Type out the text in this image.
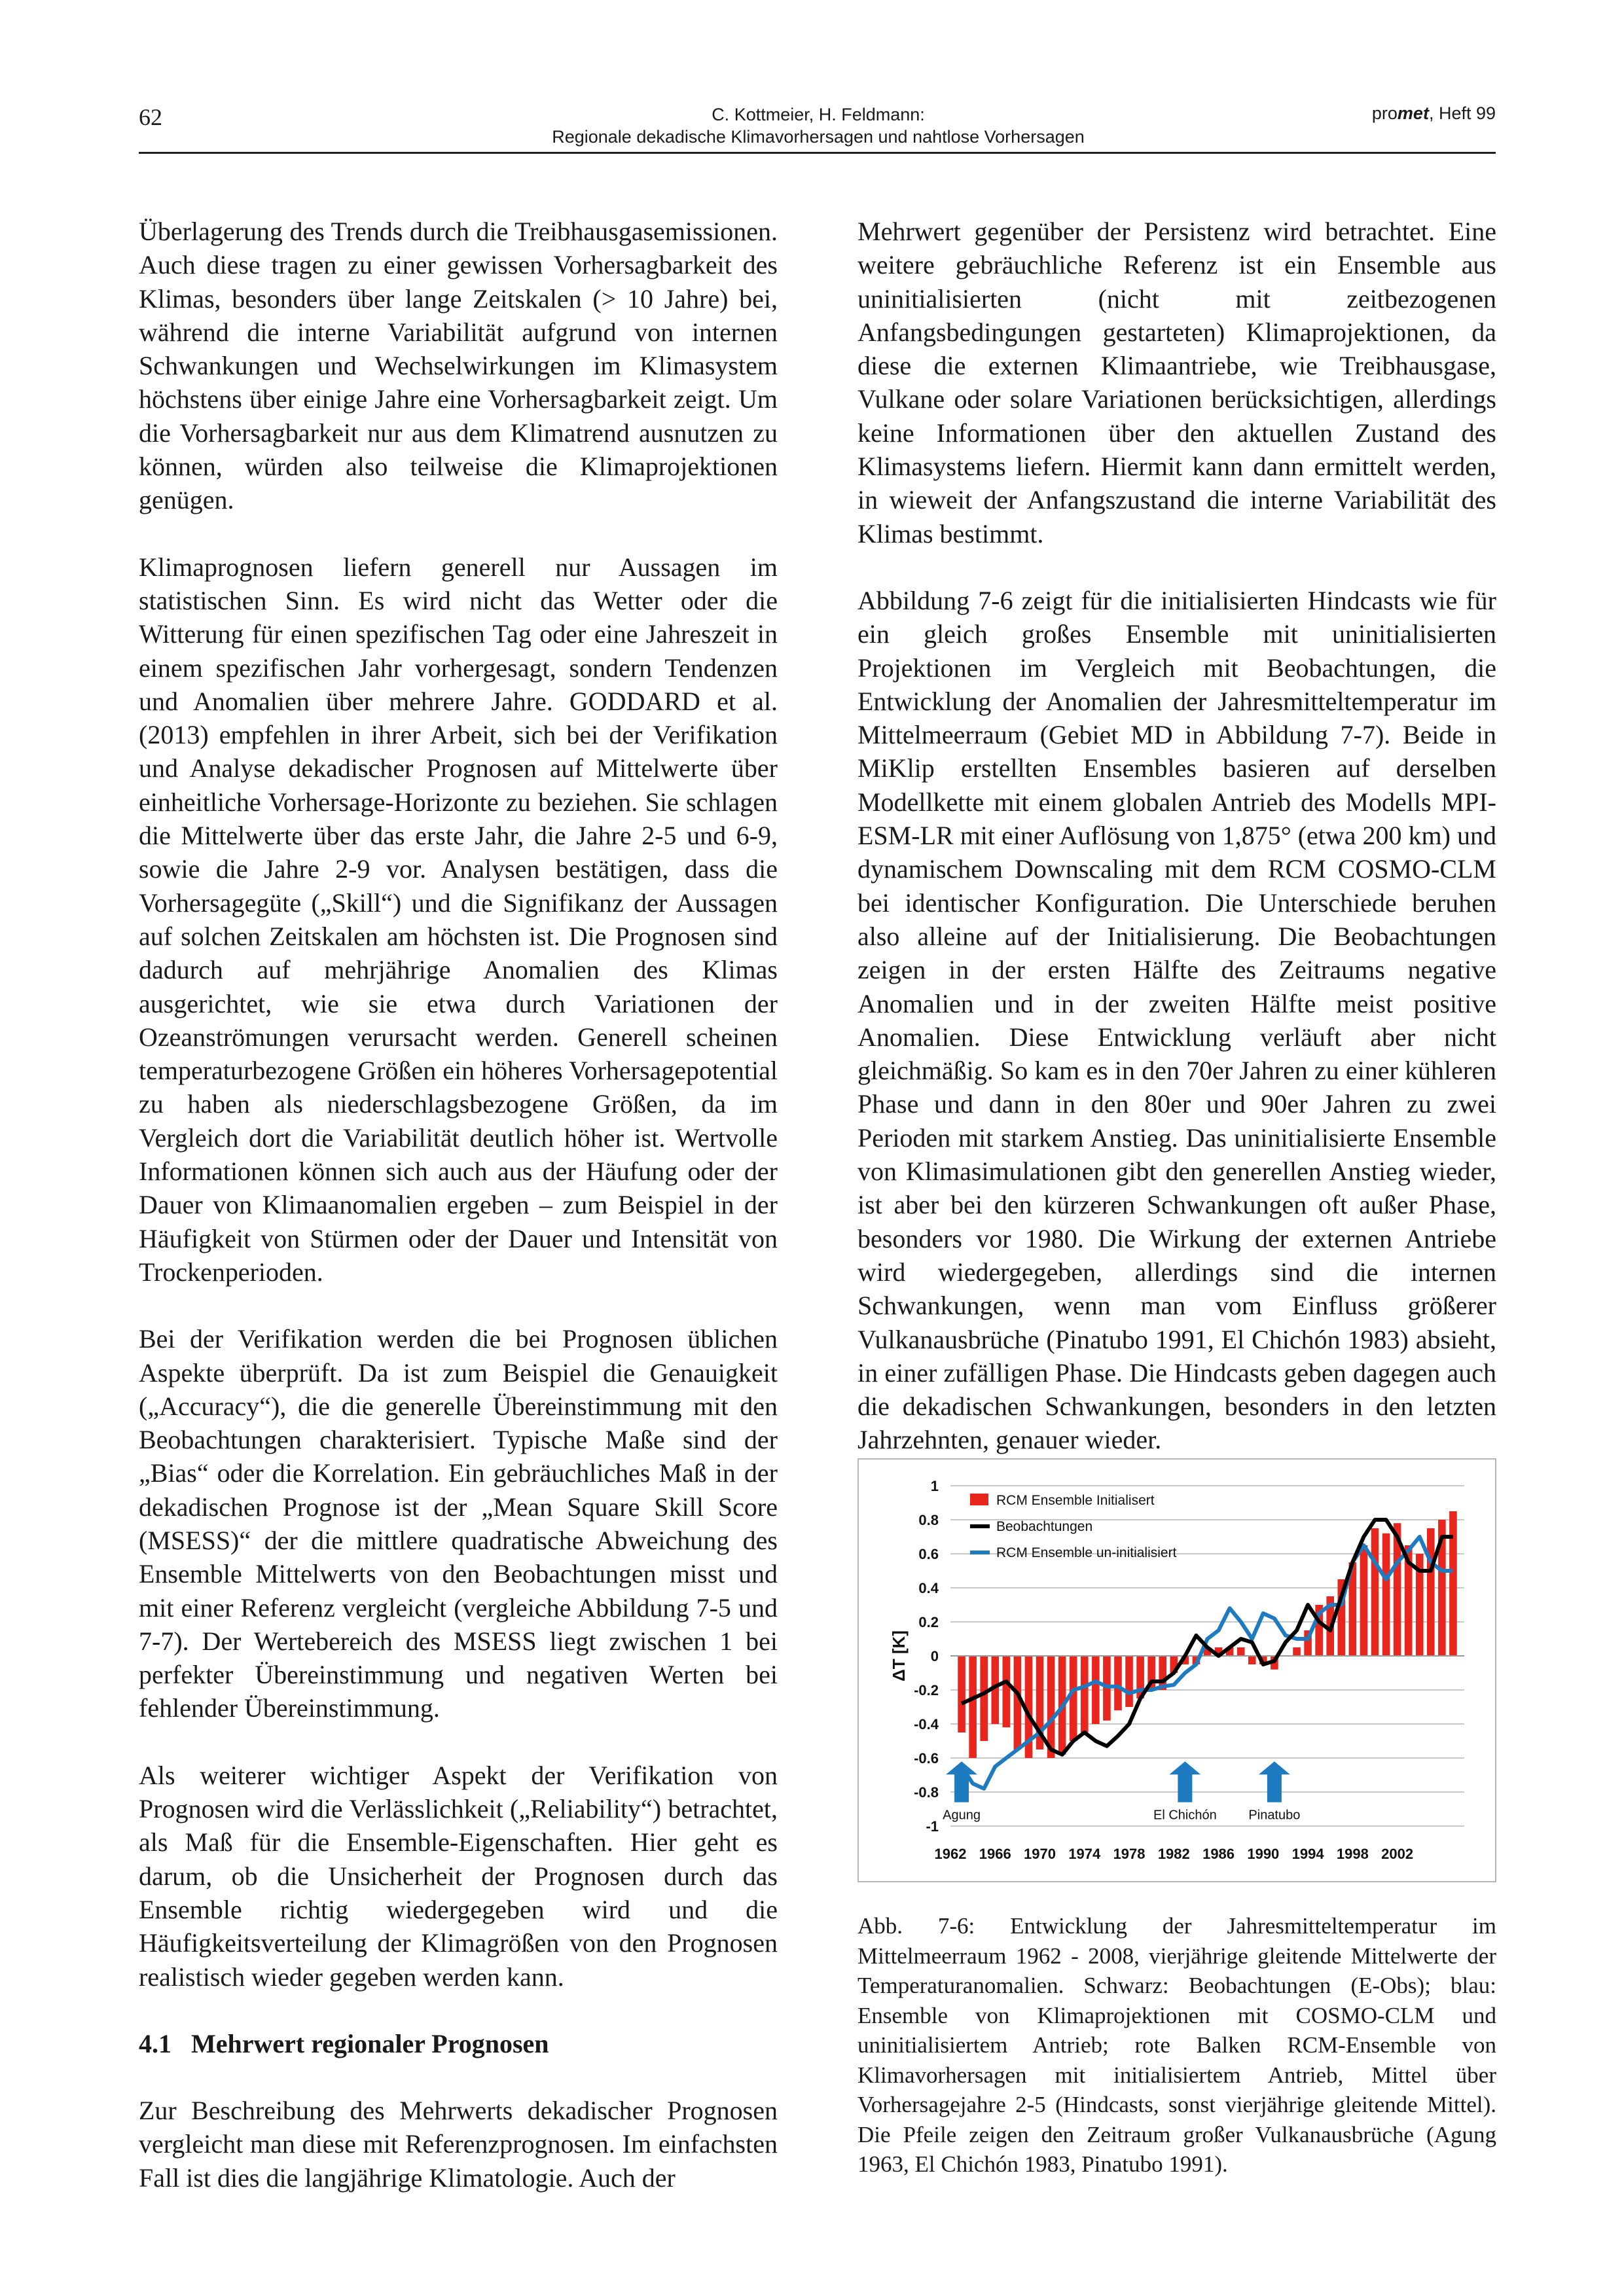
62	C. Kottmeier, H. Feldmann:
Regionale dekadische Klimavorhersagen und nahtlose Vorhersagen
promet, Heft 99

Überlagerung des Trends durch die Treibhausgasemissionen. Auch diese tragen zu einer gewissen Vorhersagbarkeit des Klimas, besonders über lange Zeitskalen (> 10 Jahre) bei, während die interne Variabilität aufgrund von internen Schwankungen und Wechselwirkungen im Klimasystem höchstens über einige Jahre eine Vorhersagbarkeit zeigt. Um die Vorhersagbarkeit nur aus dem Klimatrend ausnutzen zu können, würden also teilweise die Klimaprojektionen genügen.

Klimaprognosen liefern generell nur Aussagen im statistischen Sinn. Es wird nicht das Wetter oder die Witterung für einen spezifischen Tag oder eine Jahreszeit in einem spezifischen Jahr vorhergesagt, sondern Tendenzen und Anomalien über mehrere Jahre. GODDARD et al. (2013) empfehlen in ihrer Arbeit, sich bei der Verifikation und Analyse dekadischer Prognosen auf Mittelwerte über einheitliche Vorhersage-Horizonte zu beziehen. Sie schlagen die Mittelwerte über das erste Jahr, die Jahre 2-5 und 6-9, sowie die Jahre 2-9 vor. Analysen bestätigen, dass die Vorhersagegüte („Skill“) und die Signifikanz der Aussagen auf solchen Zeitskalen am höchsten ist. Die Prognosen sind dadurch auf mehrjährige Anomalien des Klimas ausgerichtet, wie sie etwa durch Variationen der Ozeanströmungen verursacht werden. Generell scheinen temperaturbezogene Größen ein höheres Vorhersagepotential zu haben als niederschlagsbezogene Größen, da im Vergleich dort die Variabilität deutlich höher ist. Wertvolle Informationen können sich auch aus der Häufung oder der Dauer von Klimaanomalien ergeben – zum Beispiel in der Häufigkeit von Stürmen oder der Dauer und Intensität von Trockenperioden.

Bei der Verifikation werden die bei Prognosen üblichen Aspekte überprüft. Da ist zum Beispiel die Genauigkeit („Accuracy“), die die generelle Übereinstimmung mit den Beobachtungen charakterisiert. Typische Maße sind der „Bias“ oder die Korrelation. Ein gebräuchliches Maß in der dekadischen Prognose ist der „Mean Square Skill Score (MSESS)“ der die mittlere quadratische Abweichung des Ensemble Mittelwerts von den Beobachtungen misst und mit einer Referenz vergleicht (vergleiche Abbildung 7-5 und 7-7). Der Wertebereich des MSESS liegt zwischen 1 bei perfekter Übereinstimmung und negativen Werten bei fehlender Übereinstimmung.

Als weiterer wichtiger Aspekt der Verifikation von Prognosen wird die Verlässlichkeit („Reliability“) betrachtet, als Maß für die Ensemble-Eigenschaften. Hier geht es darum, ob die Unsicherheit der Prognosen durch das Ensemble richtig wiedergegeben wird und die Häufigkeitsverteilung der Klimagrößen von den Prognosen realistisch wieder gegeben werden kann.

4.1 Mehrwert regionaler Prognosen

Zur Beschreibung des Mehrwerts dekadischer Prognosen vergleicht man diese mit Referenzprognosen. Im einfachsten Fall ist dies die langjährige Klimatologie. Auch der

Mehrwert gegenüber der Persistenz wird betrachtet. Eine weitere gebräuchliche Referenz ist ein Ensemble aus uninitialisierten (nicht mit zeitbezogenen Anfangsbedingungen gestarteten) Klimaprojektionen, da diese die externen Klimaantriebe, wie Treibhausgase, Vulkane oder solare Variationen berücksichtigen, allerdings keine Informationen über den aktuellen Zustand des Klimasystems liefern. Hiermit kann dann ermittelt werden, in wieweit der Anfangszustand die interne Variabilität des Klimas bestimmt.

Abbildung 7-6 zeigt für die initialisierten Hindcasts wie für ein gleich großes Ensemble mit uninitialisierten Projektionen im Vergleich mit Beobachtungen, die Entwicklung der Anomalien der Jahresmitteltemperatur im Mittelmeerraum (Gebiet MD in Abbildung 7-7). Beide in MiKlip erstellten Ensembles basieren auf derselben Modellkette mit einem globalen Antrieb des Modells MPI-ESM-LR mit einer Auflösung von 1,875° (etwa 200 km) und dynamischem Downscaling mit dem RCM COSMO-CLM bei identischer Konfiguration. Die Unterschiede beruhen also alleine auf der Initialisierung. Die Beobachtungen zeigen in der ersten Hälfte des Zeitraums negative Anomalien und in der zweiten Hälfte meist positive Anomalien. Diese Entwicklung verläuft aber nicht gleichmäßig. So kam es in den 70er Jahren zu einer kühleren Phase und dann in den 80er und 90er Jahren zu zwei Perioden mit starkem Anstieg. Das uninitialisierte Ensemble von Klimasimulationen gibt den generellen Anstieg wieder, ist aber bei den kürzeren Schwankungen oft außer Phase, besonders vor 1980. Die Wirkung der externen Antriebe wird wiedergegeben, allerdings sind die internen Schwankungen, wenn man vom Einfluss größerer Vulkanausbrüche (Pinatubo 1991, El Chichón 1983) absieht, in einer zufälligen Phase. Die Hindcasts geben dagegen auch die dekadischen Schwankungen, besonders in den letzten Jahrzehnten, genauer wieder.

1
0.8
0.6
0.4
0.2
0
-0.2
-0.4
-0.6
-0.8
-1
1962 1966 1970 1974 1978 1982 1986 1990 1994 1998 2002
ΔT [K]
RCM Ensemble Initialisert
Beobachtungen
RCM Ensemble un-initialisiert
Agung	El Chichón Pinatubo
Abb. 7-6: Entwicklung der Jahresmitteltemperatur im Mittelmeerraum 1962 - 2008, vierjährige gleitende Mittelwerte der Temperaturanomalien. Schwarz: Beobachtungen (E-Obs); blau: Ensemble von Klimaprojektionen mit COSMO-CLM und uninitialisiertem Antrieb; rote Balken RCM-Ensemble von Klimavorhersagen mit initialisiertem Antrieb, Mittel über Vorhersagejahre 2-5 (Hindcasts, sonst vierjährige gleitende Mittel). Die Pfeile zeigen den Zeitraum großer Vulkanausbrüche (Agung 1963, El Chichón 1983, Pinatubo 1991).
